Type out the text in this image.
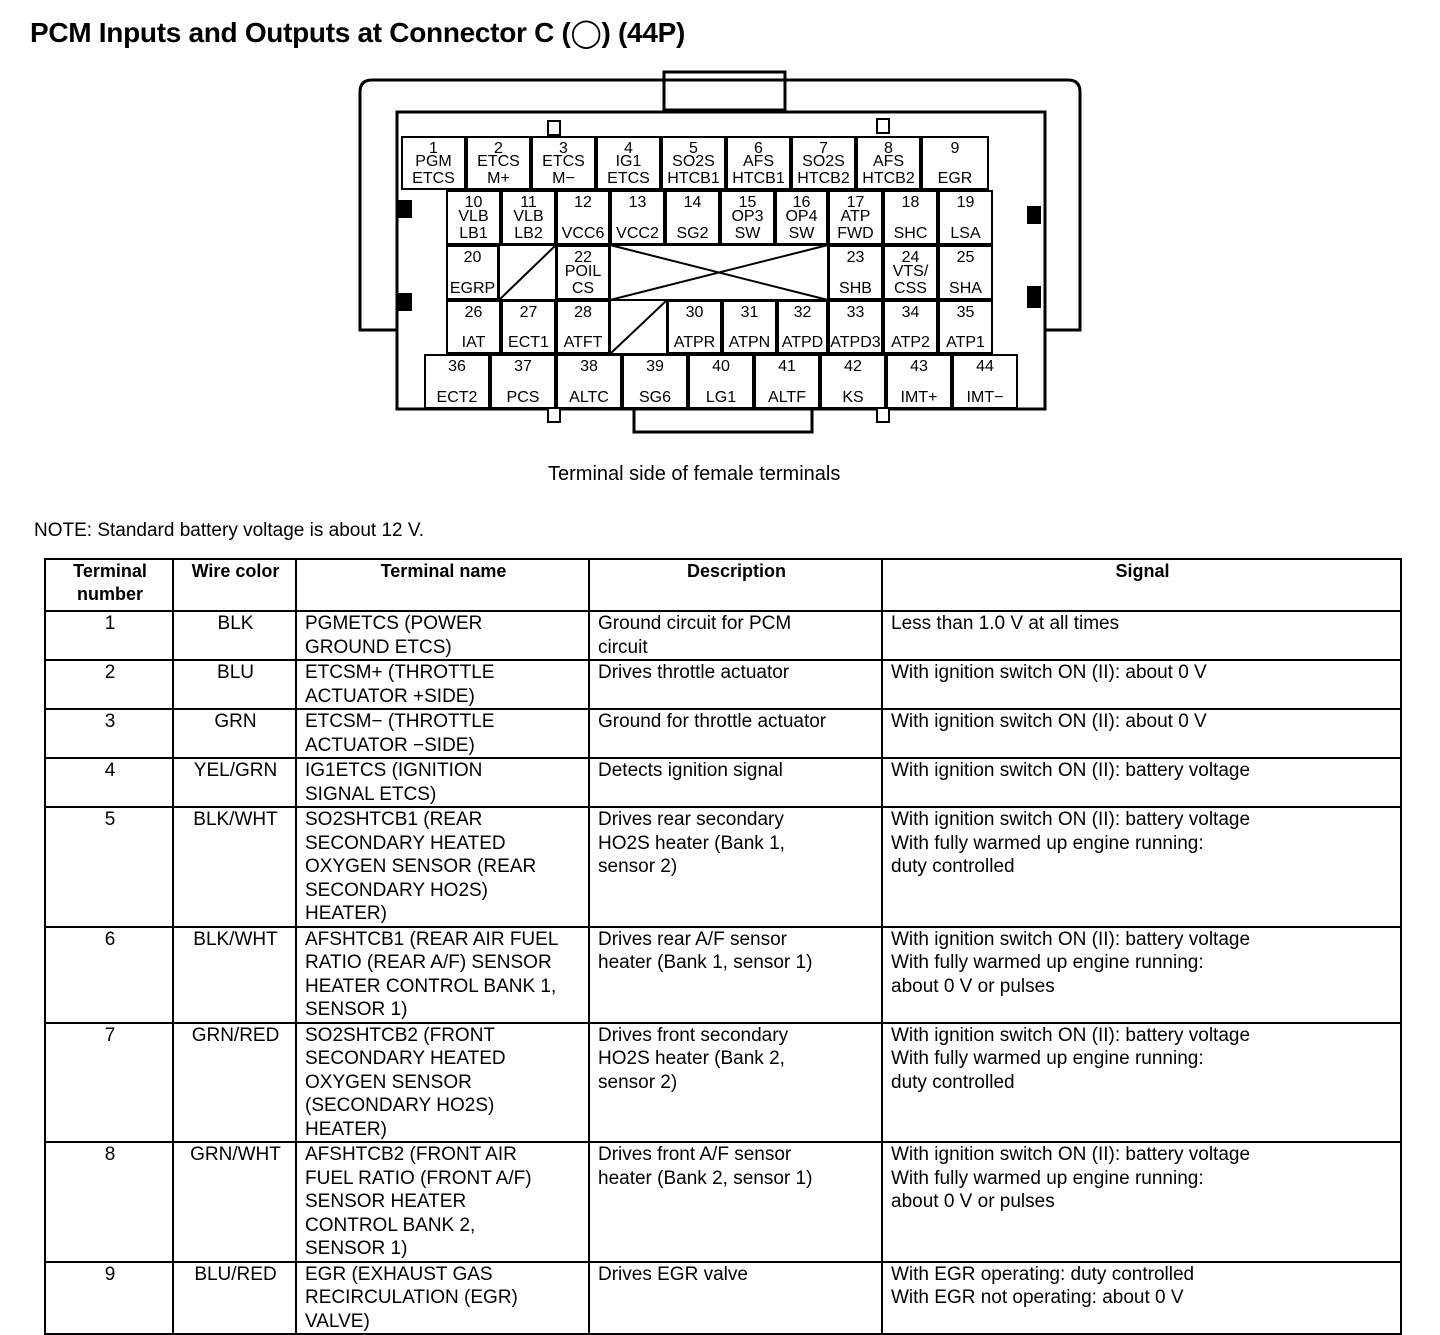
PCM Inputs and Outputs at Connector C (◯) (44P)
1
PGM
ETCS
2
ETCS
M+
3
ETCS
M−
4
IG1
ETCS
5
SO2S
HTCB1
6
AFS
HTCB1
7
SO2S
HTCB2
8
AFS
HTCB2
9
EGR
10
VLB
LB1
11
VLB
LB2
12
VCC6
13
VCC2
14
SG2
15
OP3
SW
16
OP4
SW
17
ATP
FWD
18
SHC
19
LSA
20
EGRP
22
POIL
CS
23
SHB
24
VTS/
CSS
25
SHA
26
IAT
27
ECT1
28
ATFT
30
ATPR
31
ATPN
32
ATPD
33
ATPD3
34
ATP2
35
ATP1
36
ECT2
37
PCS
38
ALTC
39
SG6
40
LG1
41
ALTF
42
KS
43
IMT+
44
IMT−
Terminal side of female terminals
NOTE: Standard battery voltage is about 12 V.
Terminal number	Wire color	Terminal name	Description	Signal
1	BLK	PGMETCS (POWER
GROUND ETCS)	Ground circuit for PCM
circuit	Less than 1.0 V at all times
2	BLU	ETCSM+ (THROTTLE
ACTUATOR +SIDE)	Drives throttle actuator	With ignition switch ON (II): about 0 V
3	GRN	ETCSM− (THROTTLE
ACTUATOR −SIDE)	Ground for throttle actuator	With ignition switch ON (II): about 0 V
4	YEL/GRN	IG1ETCS (IGNITION
SIGNAL ETCS)	Detects ignition signal	With ignition switch ON (II): battery voltage
5	BLK/WHT	SO2SHTCB1 (REAR
SECONDARY HEATED
OXYGEN SENSOR (REAR
SECONDARY HO2S)
HEATER)	Drives rear secondary
HO2S heater (Bank 1,
sensor 2)	With ignition switch ON (II): battery voltage
With fully warmed up engine running:
duty controlled
6	BLK/WHT	AFSHTCB1 (REAR AIR FUEL
RATIO (REAR A/F) SENSOR
HEATER CONTROL BANK 1,
SENSOR 1)	Drives rear A/F sensor
heater (Bank 1, sensor 1)	With ignition switch ON (II): battery voltage
With fully warmed up engine running:
about 0 V or pulses
7	GRN/RED	SO2SHTCB2 (FRONT
SECONDARY HEATED
OXYGEN SENSOR
(SECONDARY HO2S)
HEATER)	Drives front secondary
HO2S heater (Bank 2,
sensor 2)	With ignition switch ON (II): battery voltage
With fully warmed up engine running:
duty controlled
8	GRN/WHT	AFSHTCB2 (FRONT AIR
FUEL RATIO (FRONT A/F)
SENSOR HEATER
CONTROL BANK 2,
SENSOR 1)	Drives front A/F sensor
heater (Bank 2, sensor 1)	With ignition switch ON (II): battery voltage
With fully warmed up engine running:
about 0 V or pulses
9	BLU/RED	EGR (EXHAUST GAS
RECIRCULATION (EGR)
VALVE)	Drives EGR valve	With EGR operating: duty controlled
With EGR not operating: about 0 V
